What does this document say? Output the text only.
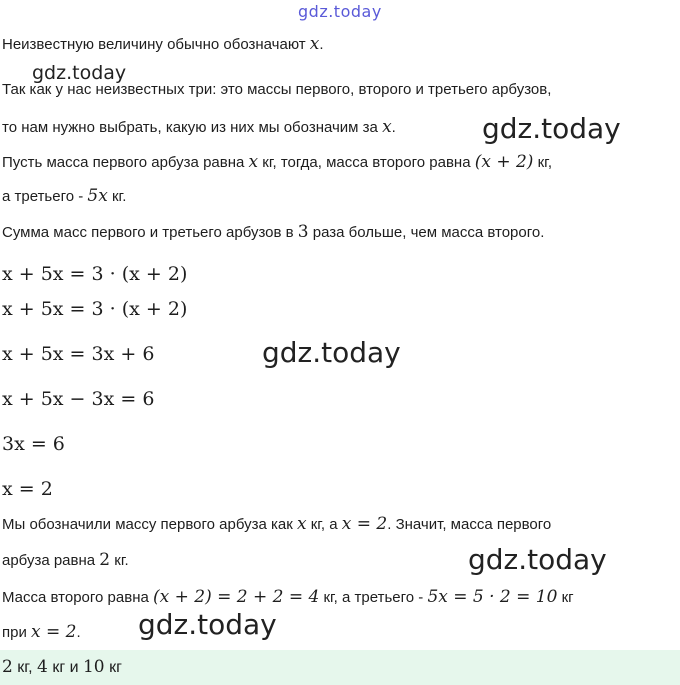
gdz.today
Неизвестную величину обычно обозначают x.
gdz.today
Так как у нас неизвестных три: это массы первого, второго и третьего арбузов,
то нам нужно выбрать, какую из них мы обозначим за x.	gdz.today
Пусть масса первого арбуза равна x кг, тогда, масса второго равна (x + 2) кг,
а третьего - 5x кг.
Сумма масс первого и третьего арбузов в 3 раза больше, чем масса второго.
x + 5x = 3 · (x + 2)
x + 5x = 3 · (x + 2)
x + 5x = 3x + 6
x + 5x − 3x = 6
3x = 6
x = 2
gdz.today
Мы обозначили массу первого арбуза как x кг, а x = 2. Значит, масса первого
арбуза равна 2 кг.	gdz.today
Масса второго равна (x + 2) = 2 + 2 = 4 кг, а третьего - 5x = 5 · 2 = 10 кг
при x = 2. gdz.today
2 кг, 4 кг и 10 кг
